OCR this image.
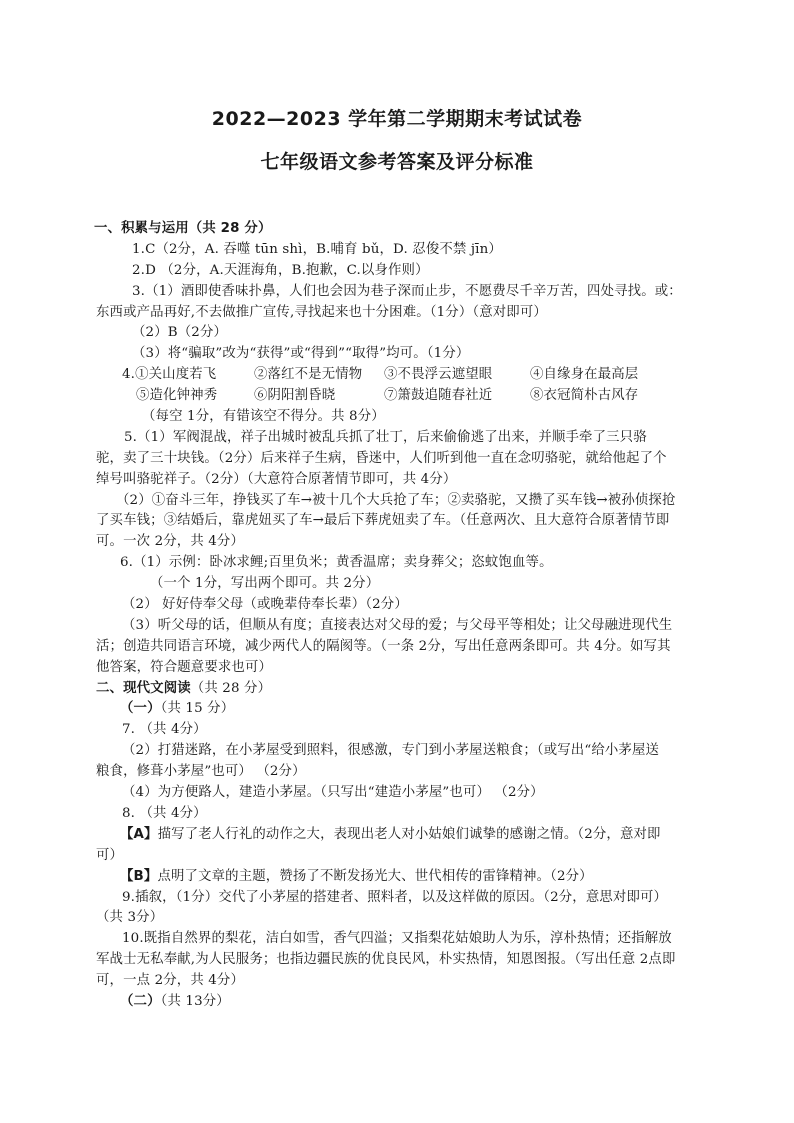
2022—2023 学年第二学期期末考试试卷
七年级语文参考答案及评分标准
一、积累与运用（共 28 分）
1.C（2分，A. 吞噬 tūn shì，B.哺育 bǔ，D. 忍俊不禁 jīn）
2.D （2分，A.天涯海角，B.抱歉，C.以身作则）
3.（1）酒即使香味扑鼻，人们也会因为巷子深而止步，不愿费尽千辛万苦，四处寻找。或：
东西或产品再好,不去做推广宣传,寻找起来也十分困难。（1分）（意对即可）
（2）B（2分）
（3）将“骗取”改为“获得”或“得到”“取得”均可。（1分）
4.①关山度若飞	②落红不是无情物	③不畏浮云遮望眼	④自缘身在最高层
⑤造化钟神秀	⑥阴阳割昏晓	⑦箫鼓追随春社近	⑧衣冠简朴古风存
（每空 1分，有错该空不得分。共 8分）
5.（1）军阀混战，祥子出城时被乱兵抓了壮丁，后来偷偷逃了出来，并顺手牵了三只骆
驼，卖了三十块钱。（2分）后来祥子生病，昏迷中，人们听到他一直在念叨骆驼，就给他起了个
绰号叫骆驼祥子。（2分）（大意符合原著情节即可，共 4分）
（2）①奋斗三年，挣钱买了车→被十几个大兵抢了车；②卖骆驼，又攒了买车钱→被孙侦探抢
了买车钱；③结婚后，靠虎妞买了车→最后下葬虎妞卖了车。（任意两次、且大意符合原著情节即
可。一次 2分，共 4分）
6.（1）示例：卧冰求鲤;百里负米；黄香温席；卖身葬父；恣蚊饱血等。
（一个 1分，写出两个即可。共 2分）
（2） 好好侍奉父母（或晚辈侍奉长辈）（2分）
（3）听父母的话，但顺从有度；直接表达对父母的爱；与父母平等相处；让父母融进现代生
活；创造共同语言环境，减少两代人的隔阂等。（一条 2分，写出任意两条即可。共 4分。如写其
他答案，符合题意要求也可）
二、现代文阅读（共 28 分）
（一）（共 15 分）
7. （共 4分）
（2）打猎迷路，在小茅屋受到照料，很感激，专门到小茅屋送粮食；（或写出“给小茅屋送
粮食，修葺小茅屋”也可） （2分）
（4）为方便路人，建造小茅屋。（只写出“建造小茅屋”也可） （2分）
8. （共 4分）
【A】描写了老人行礼的动作之大，表现出老人对小姑娘们诚挚的感谢之情。（2分，意对即
可）
【B】点明了文章的主题，赞扬了不断发扬光大、世代相传的雷锋精神。（2分）
9.插叙，（1分）交代了小茅屋的搭建者、照料者，以及这样做的原因。（2分，意思对即可）
（共 3分）
10.既指自然界的梨花，洁白如雪，香气四溢；又指梨花姑娘助人为乐，淳朴热情；还指解放
军战士无私奉献,为人民服务；也指边疆民族的优良民风，朴实热情，知恩图报。（写出任意 2点即
可，一点 2分，共 4分）
（二）（共 13分）
